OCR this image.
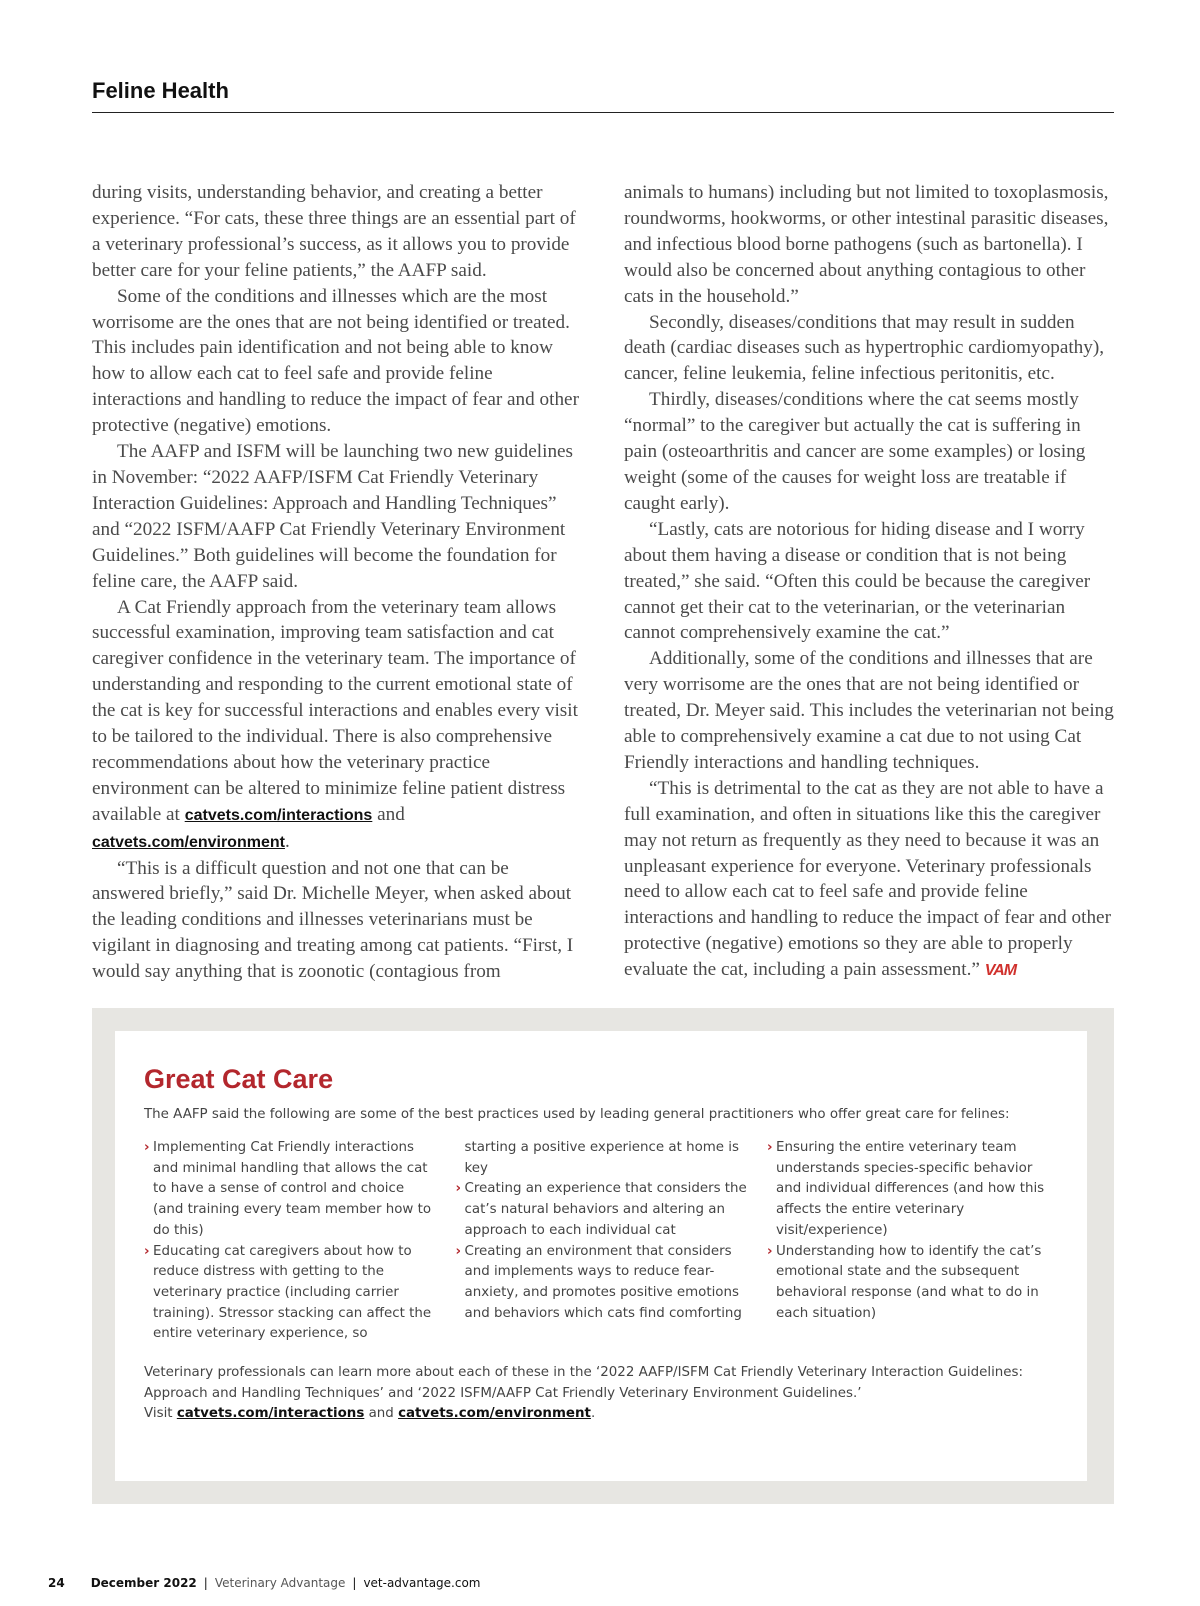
Feline Health

during visits, understanding behavior, and creating a better experience. “For cats, these three things are an essential part of a veterinary professional’s success, as it allows you to provide better care for your feline patients,” the AAFP said.

Some of the conditions and illnesses which are the most worrisome are the ones that are not being identified or treated. This includes pain identification and not being able to know how to allow each cat to feel safe and provide feline interactions and handling to reduce the impact of fear and other protective (negative) emotions.

The AAFP and ISFM will be launching two new guidelines in November: “2022 AAFP/ISFM Cat Friendly Veterinary Interaction Guidelines: Approach and Handling Techniques” and “2022 ISFM/AAFP Cat Friendly Veterinary Environment Guidelines.” Both guidelines will become the foundation for feline care, the AAFP said.

A Cat Friendly approach from the veterinary team allows successful examination, improving team satisfaction and cat caregiver confidence in the veterinary team. The importance of understanding and responding to the current emotional state of the cat is key for successful interactions and enables every visit to be tailored to the individual. There is also comprehensive recommendations about how the veterinary practice environment can be altered to minimize feline patient distress available at catvets.com/interactions and catvets.com/environment.

“This is a difficult question and not one that can be answered briefly,” said Dr. Michelle Meyer, when asked about the leading conditions and illnesses veterinarians must be vigilant in diagnosing and treating among cat patients. “First, I would say anything that is zoonotic (contagious from

animals to humans) including but not limited to toxoplasmosis, roundworms, hookworms, or other intestinal parasitic diseases, and infectious blood borne pathogens (such as bartonella). I would also be concerned about anything contagious to other cats in the household.”

Secondly, diseases/conditions that may result in sudden death (cardiac diseases such as hypertrophic cardiomyopathy), cancer, feline leukemia, feline infectious peritonitis, etc.

Thirdly, diseases/conditions where the cat seems mostly “normal” to the caregiver but actually the cat is suffering in pain (osteoarthritis and cancer are some examples) or losing weight (some of the causes for weight loss are treatable if caught early).

“Lastly, cats are notorious for hiding disease and I worry about them having a disease or condition that is not being treated,” she said. “Often this could be because the caregiver cannot get their cat to the veterinarian, or the veterinarian cannot comprehensively examine the cat.”

Additionally, some of the conditions and illnesses that are very worrisome are the ones that are not being identified or treated, Dr. Meyer said. This includes the veterinarian not being able to comprehensively examine a cat due to not using Cat Friendly interactions and handling techniques.

“This is detrimental to the cat as they are not able to have a full examination, and often in situations like this the caregiver may not return as frequently as they need to because it was an unpleasant experience for everyone. Veterinary professionals need to allow each cat to feel safe and provide feline interactions and handling to reduce the impact of fear and other protective (negative) emotions so they are able to properly evaluate the cat, including a pain assessment.” VAM

Great Cat Care

The AAFP said the following are some of the best practices used by leading general practitioners who offer great care for felines:

› Implementing Cat Friendly interactions and minimal handling that allows the cat to have a sense of control and choice (and training every team member how to do this)
› Educating cat caregivers about how to reduce distress with getting to the veterinary practice (including carrier training). Stressor stacking can affect the entire veterinary experience, so
starting a positive experience at home is key
› Creating an experience that considers the cat’s natural behaviors and altering an approach to each individual cat
› Creating an environment that considers and implements ways to reduce fear-anxiety, and promotes positive emotions and behaviors which cats find comforting
› Ensuring the entire veterinary team understands species-specific behavior and individual differences (and how this affects the entire veterinary visit/experience)
› Understanding how to identify the cat’s emotional state and the subsequent behavioral response (and what to do in each situation)
Veterinary professionals can learn more about each of these in the ‘2022 AAFP/ISFM Cat Friendly Veterinary Interaction Guidelines: Approach and Handling Techniques’ and ‘2022 ISFM/AAFP Cat Friendly Veterinary Environment Guidelines.’
Visit catvets.com/interactions and catvets.com/environment.
24 December 2022 | Veterinary Advantage | vet-advantage.com
